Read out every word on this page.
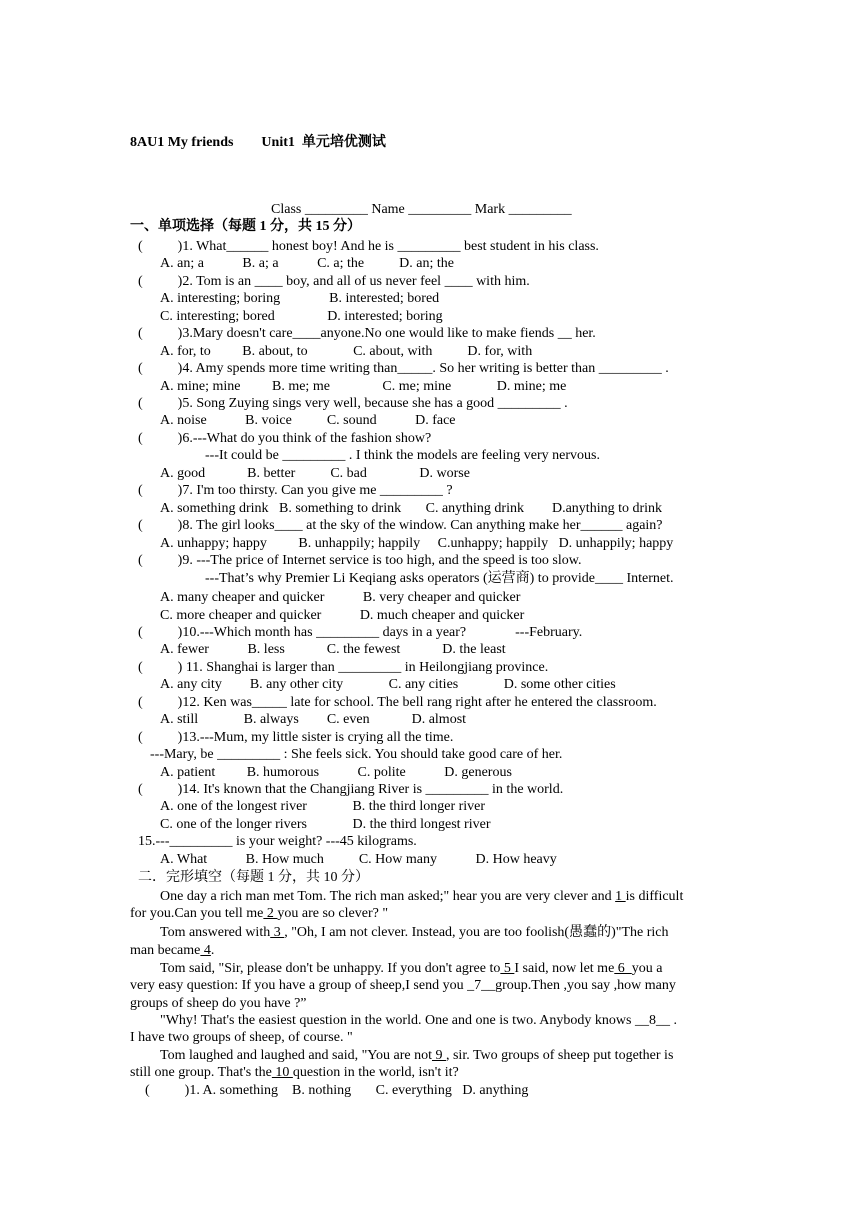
8AU1 My friends        Unit1  单元培优测试
Class _________ Name _________ Mark _________
一、单项选择（每题 1 分，共 15 分）
(          )1. What______ honest boy! And he is _________ best student in his class.
A. an; a           B. a; a           C. a; the          D. an; the
(          )2. Tom is an ____ boy, and all of us never feel ____ with him.
A. interesting; boring              B. interested; bored
C. interesting; bored               D. interested; boring
(          )3.Mary doesn't care____anyone.No one would like to make fiends __ her.
A. for, to         B. about, to             C. about, with          D. for, with
(          )4. Amy spends more time writing than_____. So her writing is better than _________ .
A. mine; mine         B. me; me               C. me; mine             D. mine; me
(          )5. Song Zuying sings very well, because she has a good _________ .
A. noise           B. voice          C. sound           D. face
(          )6.---What do you think of the fashion show?
---It could be _________ . I think the models are feeling very nervous.
A. good            B. better          C. bad               D. worse
(          )7. I'm too thirsty. Can you give me _________ ?
A. something drink   B. something to drink       C. anything drink        D.anything to drink
(          )8. The girl looks____ at the sky of the window. Can anything make her______ again?
A. unhappy; happy         B. unhappily; happily     C.unhappy; happily   D. unhappily; happy
(          )9. ---The price of Internet service is too high, and the speed is too slow.
---That’s why Premier Li Keqiang asks operators (运营商) to provide____ Internet.
A. many cheaper and quicker           B. very cheaper and quicker
C. more cheaper and quicker           D. much cheaper and quicker
(          )10.---Which month has _________ days in a year?              ---February.
A. fewer           B. less            C. the fewest            D. the least
(          ) 11. Shanghai is larger than _________ in Heilongjiang province.
A. any city        B. any other city             C. any cities             D. some other cities
(          )12. Ken was_____ late for school. The bell rang right after he entered the classroom.
A. still             B. always        C. even            D. almost
(          )13.---Mum, my little sister is crying all the time.
---Mary, be _________ : She feels sick. You should take good care of her.
A. patient         B. humorous           C. polite           D. generous
(          )14. It's known that the Changjiang River is _________ in the world.
A. one of the longest river             B. the third longer river
C. one of the longer rivers             D. the third longest river
15.---_________ is your weight? ---45 kilograms.
A. What           B. How much          C. How many           D. How heavy
二．完形填空（每题 1 分，共 10 分）
One day a rich man met Tom. The rich man asked;" hear you are very clever and 1 is difficult
for you.Can you tell me 2 you are so clever? "
Tom answered with 3 , "Oh, I am not clever. Instead, you are too foolish(愚蠢的)"The rich
man became 4.
Tom said, "Sir, please don't be unhappy. If you don't agree to 5 I said, now let me 6  you a
very easy question: If you have a group of sheep,I send you _7__group.Then ,you say ,how many
groups of sheep do you have ?”
"Why! That's the easiest question in the world. One and one is two. Anybody knows __8__ .
I have two groups of sheep, of course. "
Tom laughed and laughed and said, "You are not 9 , sir. Two groups of sheep put together is
still one group. That's the 10 question in the world, isn't it?
(          )1. A. something    B. nothing       C. everything   D. anything
